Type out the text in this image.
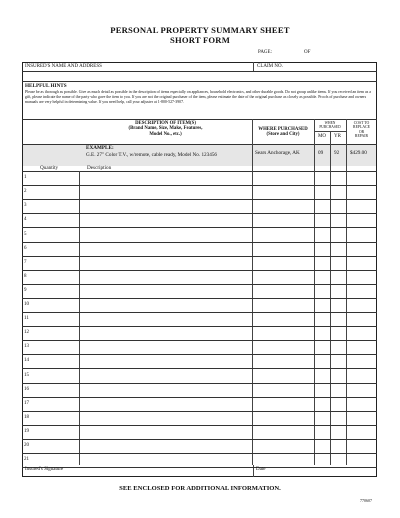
PERSONAL PROPERTY SUMMARY SHEET
SHORT FORM
PAGE:	OF
INSURED'S NAME AND ADDRESS	CLAIM NO.
HELPFUL HINTS
Please be as thorough as possible. Give as much detail as possible in the description of items especially on appliances, household electronics, and other durable goods. Do not group unlike items. If you received an item as a gift, please indicate the name of the party who gave the item to you. If you are not the original purchaser of the item, please estimate the date of the original purchase as closely as possible. Proofs of purchase and owners manuals are very helpful in determining value. If you need help, call your adjuster at 1-800-527-3907.
DESCRIPTION OF ITEM(S)
(Brand Name, Size, Make, Features,
Model No., etc.)
WHERE PURCHASED
(Store and City)
WHEN
PURCHASED
MO	YR
COST TO
REPLACE
OR
REPAIR
EXAMPLE:
G.E. 27" Color T.V., w/remote, cable ready, Model No. 123456	Sears Anchorage, AK	09 92 $429.00
Quantity	Description
1
2
3
4
5
6
7
8
9
10
11
12
13
14
15
16
17
18
19
20
21
Insured's Signature	Date
SEE ENCLOSED FOR ADDITIONAL INFORMATION.
770607
